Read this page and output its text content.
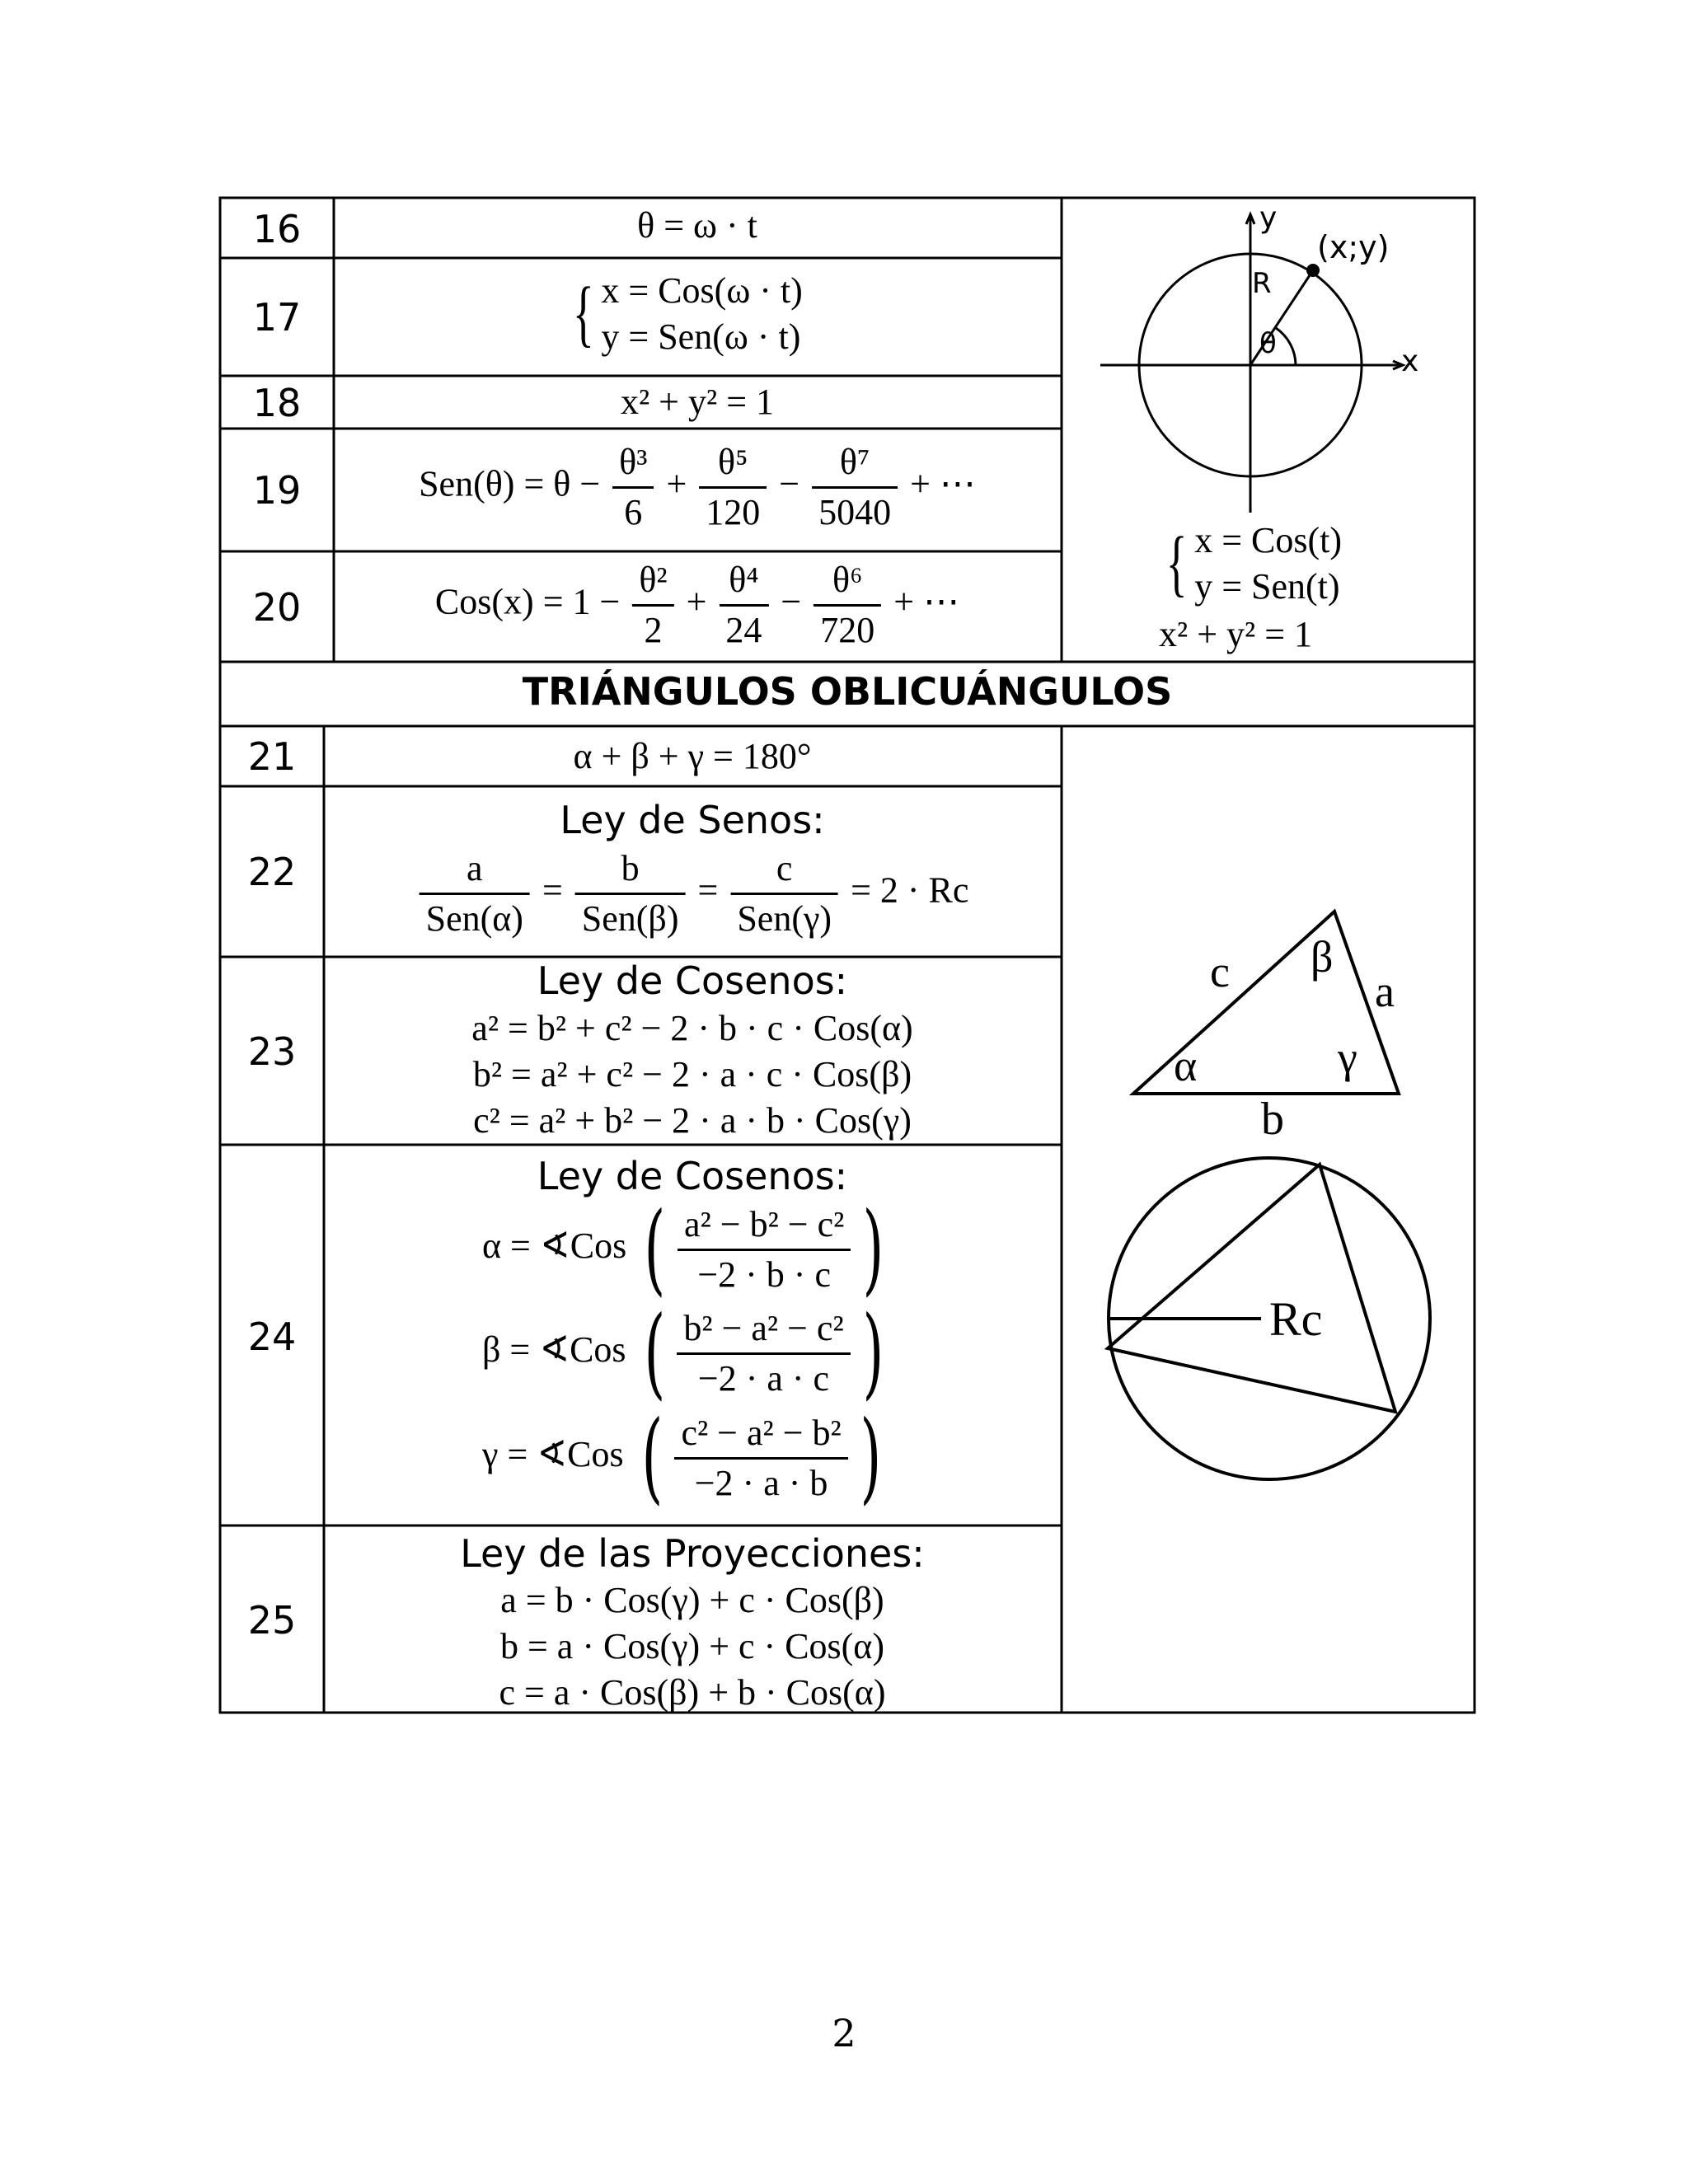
16
17
18
19
20
21
22
23
24
25
θ = ω · t
{ x = Cos(ω · t)
y = Sen(ω · t)
x² + y² = 1
$Sen(\theta) = \theta - \frac{\text{θ³}}{6} + \frac{\text{θ⁵}}{120} - \frac{\text{θ⁷}}{5040}$ + ⋯
$Cos(x) = 1 - \frac{\text{θ²}}{2} + \frac{\text{θ⁴}}{24} - \frac{\text{θ⁶}}{720}$ + ⋯
y
x
(x;y)
R
θ
{ x = Cos(t)
y = Sen(t)
x² + y² = 1
TRIÁNGULOS OBLICUÁNGULOS
α + β + γ = 180°
Ley de Senos:
$\frac{a}{\text{Sen(α)}} = \frac{b}{\text{Sen(β)}} = \frac{c}{\text{Sen(γ)}} = 2 \cdot Rc$
Ley de Cosenos:
a² = b² + c² − 2 · b · c · Cos(α)
b² = a² + c² − 2 · a · c · Cos(β)
c² = a² + b² − 2 · a · b · Cos(γ)
Ley de Cosenos:
α = ∢Cos ( $\frac{\text{a² − b² − c²}}{-2 \cdot b \cdot c}$ )
β = ∢Cos ( $\frac{\text{b² − a² − c²}}{-2 \cdot a \cdot c}$ )
γ = ∢Cos ( $\frac{\text{c² − a² − b²}}{-2 \cdot a \cdot b}$ )
Ley de las Proyecciones:
a = b · Cos(γ) + c · Cos(β)
b = a · Cos(γ) + c · Cos(α)
c = a · Cos(β) + b · Cos(α)
c β
a
α	γ
b
Rc
2
